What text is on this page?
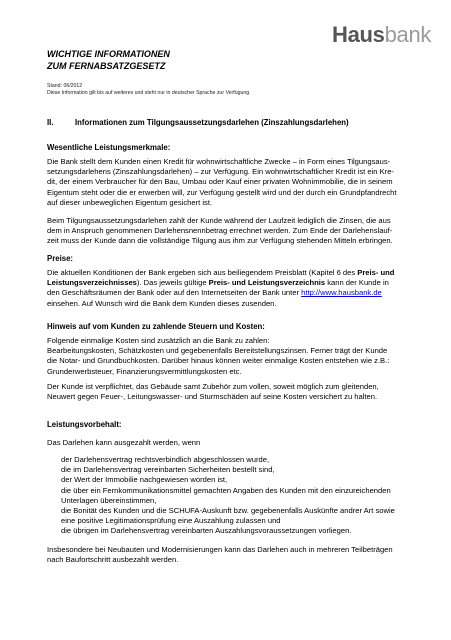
Hausbank
WICHTIGE INFORMATIONEN
ZUM FERNABSATZGESETZ
Stand: 06/2012
Diese Information gilt bis auf weiteres und steht nur in deutscher Sprache zur Verfügung.
II.	Informationen zum Tilgungsaussetzungsdarlehen (Zinszahlungsdarlehen)
Wesentliche Leistungsmerkmale:
Die Bank stellt dem Kunden einen Kredit für wohnwirtschaftliche Zwecke – in Form eines Tilgungsaus-
setzungsdarlehens (Zinszahlungsdarlehen) – zur Verfügung. Ein wohnwirtschaftlicher Kredit ist ein Kre-
dit, der einem Verbraucher für den Bau, Umbau oder Kauf einer privaten Wohnimmobilie, die in seinem
Eigentum steht oder die er erwerben will, zur Verfügung gestellt wird und der durch ein Grundpfandrecht
auf dieser unbeweglichen Eigentum gesichert ist.
Beim Tilgungsaussetzungsdarlehen zahlt der Kunde während der Laufzeit lediglich die Zinsen, die aus
dem in Anspruch genommenen Darlehensnennbetrag errechnet werden. Zum Ende der Darlehenslauf-
zeit muss der Kunde dann die vollständige Tilgung aus ihm zur Verfügung stehenden Mitteln erbringen.
Preise:
Die aktuellen Konditionen der Bank ergeben sich aus beiliegendem Preisblatt (Kapitel 6 des Preis- und
Leistungsverzeichnisses). Das jeweils gültige Preis- und Leistungsverzeichnis kann der Kunde in
den Geschäftsräumen der Bank oder auf den Internetseiten der Bank unter http://www.hausbank.de
einsehen. Auf Wunsch wird die Bank dem Kunden dieses zusenden.
Hinweis auf vom Kunden zu zahlende Steuern und Kosten:
Folgende einmalige Kosten sind zusätzlich an die Bank zu zahlen:
Bearbeitungskosten, Schätzkosten und gegebenenfalls Bereitstellungszinsen. Ferner trägt der Kunde
die Notar- und Grundbuchkosten. Darüber hinaus können weiter einmalige Kosten entstehen wie z.B.:
Grunderwerbsteuer, Finanzierungsvermittlungskosten etc.
Der Kunde ist verpflichtet, das Gebäude samt Zubehör zum vollen, soweit möglich zum gleitenden,
Neuwert gegen Feuer-, Leitungswasser- und Sturmschäden auf seine Kosten versichert zu halten.
Leistungsvorbehalt:
Das Darlehen kann ausgezahlt werden, wenn
der Darlehensvertrag rechtsverbindlich abgeschlossen wurde,
die im Darlehensvertrag vereinbarten Sicherheiten bestellt sind,
der Wert der Immobilie nachgewiesen worden ist,
die über ein Fernkommunikationsmittel gemachten Angaben des Kunden mit den einzureichenden
Unterlagen übereinstimmen,
die Bonität des Kunden und die SCHUFA-Auskunft bzw. gegebenenfalls Auskünfte andrer Art sowie
eine positive Legitimationsprüfung eine Auszahlung zulassen und
die übrigen im Darlehensvertrag vereinbarten Auszahlungsvoraussetzungen vorliegen.
Insbesondere bei Neubauten und Modernisierungen kann das Darlehen auch in mehreren Teilbeträgen
nach Baufortschritt ausbezahlt werden.
